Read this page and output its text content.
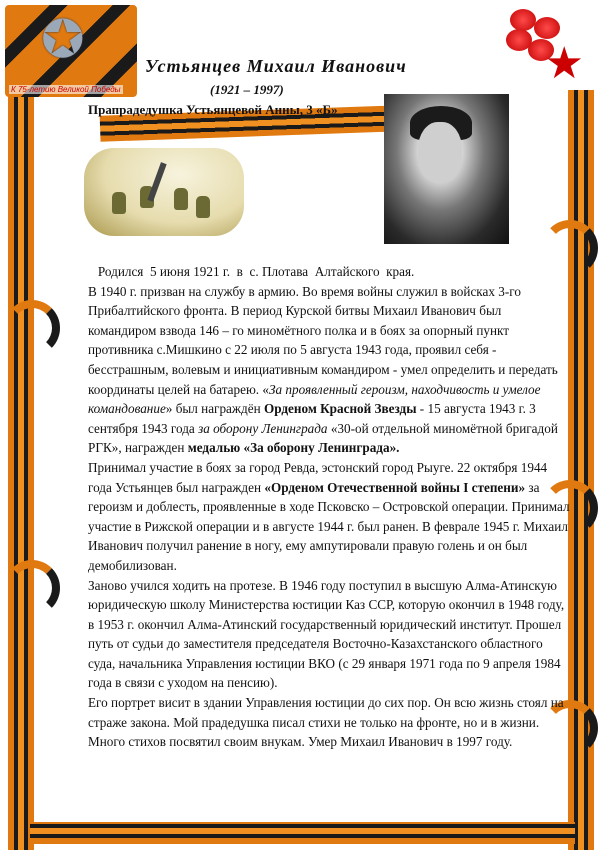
✪
К 75-летию Великой Победы
★
Устьянцев Михаил Иванович
(1921 – 1997)
Прапрадедушка Устьянцевой Анны, 3 «Б»

Родился  5 июня 1921 г.  в  с. Плотава  Алтайского  края.

В 1940 г. призван на службу в армию. Во время войны служил в войсках 3-го Прибалтийского фронта. В период Курской битвы Михаил Иванович был командиром взвода 146 – го миномётного полка и в боях за опорный пункт противника с.Мишкино с 22 июля по 5 августа 1943 года, проявил себя - бесстрашным, волевым и инициативным командиром - умел определить и передать координаты целей на батарею. «За проявленный героизм, находчивость и умелое командование» был награждён Орденом Красной Звезды - 15 августа 1943 г. 3 сентября 1943 года за оборону Ленинграда «30-ой отдельной миномётной бригадой РГК», награжден медалью «За оборону Ленинграда».

Принимал участие в боях за город Ревда, эстонский город Рыуге. 22 октября 1944 года Устьянцев был награжден «Орденом Отечественной войны I степени» за героизм и доблесть, проявленные в ходе Псковско – Островской операции. Принимал участие в Рижской операции и в августе 1944 г. был ранен. В феврале 1945 г. Михаил Иванович получил ранение в ногу, ему ампутировали правую голень и он был демобилизован.

Заново учился ходить на протезе. В 1946 году поступил в высшую Алма-Атинскую юридическую школу Министерства юстиции Каз ССР, которую окончил в 1948 году, в 1953 г. окончил Алма-Атинский государственный юридический институт. Прошел путь от судьи до заместителя председателя Восточно-Казахстанского областного суда, начальника Управления юстиции ВКО (с 29 января 1971 года по 9 апреля 1984 года в связи с уходом на пенсию).

Его портрет висит в здании Управления юстиции до сих пор. Он всю жизнь стоял на страже закона. Мой прадедушка писал стихи не только на фронте, но и в жизни. Много стихов посвятил своим внукам. Умер Михаил Иванович в 1997 году.
